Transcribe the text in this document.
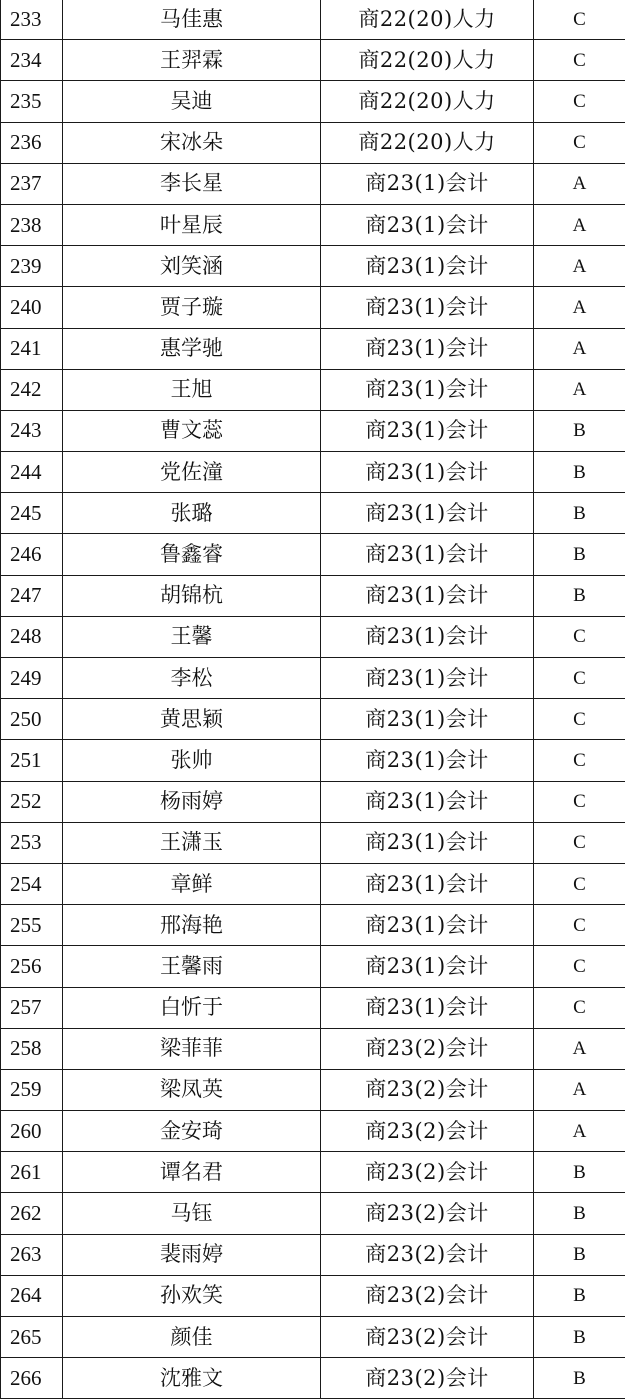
233	马佳惠	商22(20)人力	C
234	王羿霖	商22(20)人力	C
235	吴迪	商22(20)人力	C
236	宋冰朵	商22(20)人力	C
237	李长星	商23(1)会计	A
238	叶星辰	商23(1)会计	A
239	刘笑涵	商23(1)会计	A
240	贾子璇	商23(1)会计	A
241	惠学驰	商23(1)会计	A
242	王旭	商23(1)会计	A
243	曹文蕊	商23(1)会计	B
244	党佐潼	商23(1)会计	B
245	张璐	商23(1)会计	B
246	鲁鑫睿	商23(1)会计	B
247	胡锦杭	商23(1)会计	B
248	王馨	商23(1)会计	C
249	李松	商23(1)会计	C
250	黄思颖	商23(1)会计	C
251	张帅	商23(1)会计	C
252	杨雨婷	商23(1)会计	C
253	王潇玉	商23(1)会计	C
254	章鲜	商23(1)会计	C
255	邢海艳	商23(1)会计	C
256	王馨雨	商23(1)会计	C
257	白忻于	商23(1)会计	C
258	梁菲菲	商23(2)会计	A
259	梁凤英	商23(2)会计	A
260	金安琦	商23(2)会计	A
261	谭名君	商23(2)会计	B
262	马钰	商23(2)会计	B
263	裴雨婷	商23(2)会计	B
264	孙欢笑	商23(2)会计	B
265	颜佳	商23(2)会计	B
266	沈雅文	商23(2)会计	B
